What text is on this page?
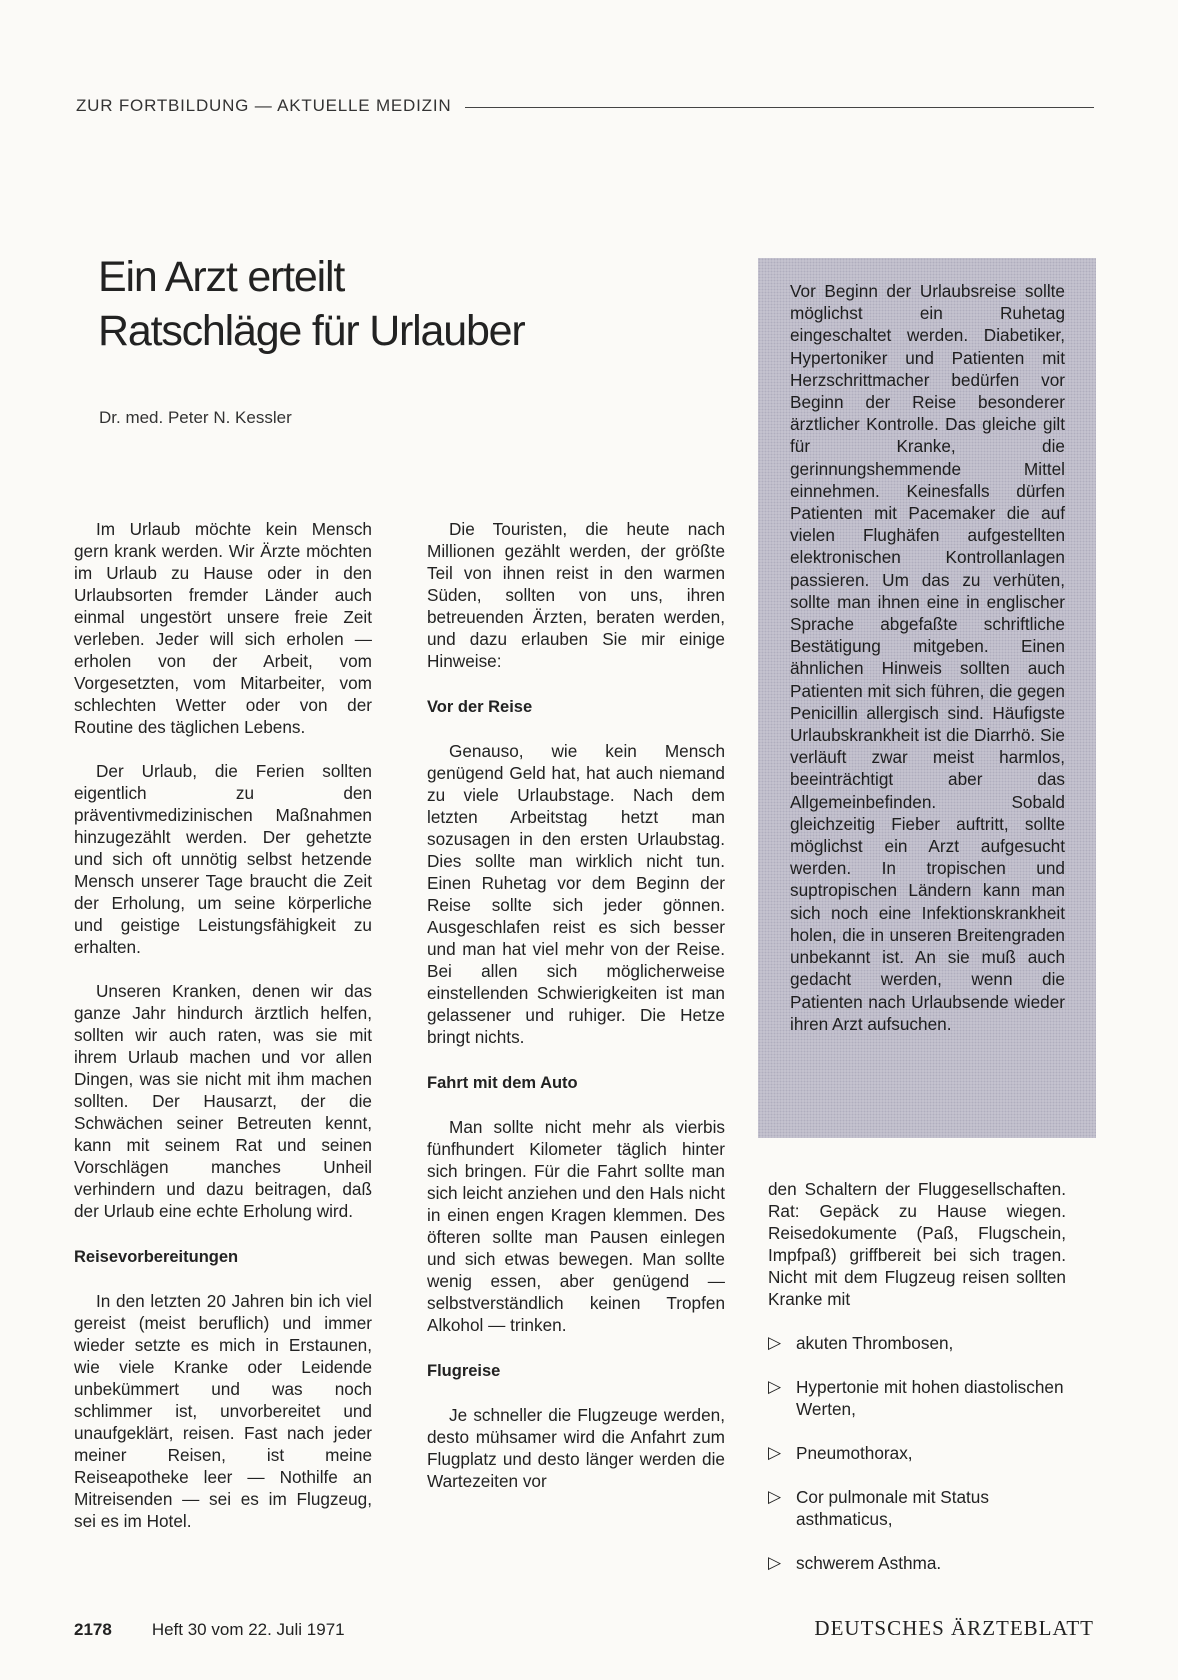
ZUR FORTBILDUNG — AKTUELLE MEDIZIN
Ein Arzt erteilt
Ratschläge für Urlauber
Dr. med. Peter N. Kessler

Im Urlaub möchte kein Mensch gern krank werden. Wir Ärzte möchten im Urlaub zu Hause oder in den Urlaubsorten fremder Länder auch einmal ungestört unsere freie Zeit verleben. Jeder will sich erholen — erholen von der Arbeit, vom Vorgesetzten, vom Mitarbeiter, vom schlechten Wetter oder von der Routine des täglichen Lebens.

Der Urlaub, die Ferien sollten eigentlich zu den präventivmedizinischen Maßnahmen hinzugezählt werden. Der gehetzte und sich oft unnötig selbst hetzende Mensch unserer Tage braucht die Zeit der Erholung, um seine körperliche und geistige Leistungsfähigkeit zu erhalten.

Unseren Kranken, denen wir das ganze Jahr hindurch ärztlich helfen, sollten wir auch raten, was sie mit ihrem Urlaub machen und vor allen Dingen, was sie nicht mit ihm machen sollten. Der Hausarzt, der die Schwächen seiner Betreuten kennt, kann mit seinem Rat und seinen Vorschlägen manches Unheil verhindern und dazu beitragen, daß der Urlaub eine echte Erholung wird.

Reisevorbereitungen

In den letzten 20 Jahren bin ich viel gereist (meist beruflich) und immer wieder setzte es mich in Erstaunen, wie viele Kranke oder Leidende unbekümmert und was noch schlimmer ist, unvorbereitet und unaufgeklärt, reisen. Fast nach jeder meiner Reisen, ist meine Reiseapotheke leer — Nothilfe an Mitreisenden — sei es im Flugzeug, sei es im Hotel.

Die Touristen, die heute nach Millionen gezählt werden, der größte Teil von ihnen reist in den warmen Süden, sollten von uns, ihren betreuenden Ärzten, beraten werden, und dazu erlauben Sie mir einige Hinweise:

Vor der Reise

Genauso, wie kein Mensch genügend Geld hat, hat auch niemand zu viele Urlaubstage. Nach dem letzten Arbeitstag hetzt man sozusagen in den ersten Urlaubstag. Dies sollte man wirklich nicht tun. Einen Ruhetag vor dem Beginn der Reise sollte sich jeder gönnen. Ausgeschlafen reist es sich besser und man hat viel mehr von der Reise. Bei allen sich möglicherweise einstellenden Schwierigkeiten ist man gelassener und ruhiger. Die Hetze bringt nichts.

Fahrt mit dem Auto

Man sollte nicht mehr als vierbis fünfhundert Kilometer täglich hinter sich bringen. Für die Fahrt sollte man sich leicht anziehen und den Hals nicht in einen engen Kragen klemmen. Des öfteren sollte man Pausen einlegen und sich etwas bewegen. Man sollte wenig essen, aber genügend — selbstverständlich keinen Tropfen Alkohol — trinken.

Flugreise

Je schneller die Flugzeuge werden, desto mühsamer wird die Anfahrt zum Flugplatz und desto länger werden die Wartezeiten vor

Vor Beginn der Urlaubsreise sollte möglichst ein Ruhetag eingeschaltet werden. Diabetiker, Hypertoniker und Patienten mit Herzschrittmacher bedürfen vor Beginn der Reise besonderer ärztlicher Kontrolle. Das gleiche gilt für Kranke, die gerinnungshemmende Mittel einnehmen. Keinesfalls dürfen Patienten mit Pacemaker die auf vielen Flughäfen aufgestellten elektronischen Kontrollanlagen passieren. Um das zu verhüten, sollte man ihnen eine in englischer Sprache abgefaßte schriftliche Bestätigung mitgeben. Einen ähnlichen Hinweis sollten auch Patienten mit sich führen, die gegen Penicillin allergisch sind. Häufigste Urlaubskrankheit ist die Diarrhö. Sie verläuft zwar meist harmlos, beeinträchtigt aber das Allgemeinbefinden. Sobald gleichzeitig Fieber auftritt, sollte möglichst ein Arzt aufgesucht werden. In tropischen und suptropischen Ländern kann man sich noch eine Infektionskrankheit holen, die in unseren Breitengraden unbekannt ist. An sie muß auch gedacht werden, wenn die Patienten nach Urlaubsende wieder ihren Arzt aufsuchen.

den Schaltern der Fluggesellschaften. Rat: Gepäck zu Hause wiegen. Reisedokumente (Paß, Flugschein, Impfpaß) griffbereit bei sich tragen. Nicht mit dem Flugzeug reisen sollten Kranke mit

▷ akuten Thrombosen,
▷ Hypertonie mit hohen diastolischen Werten,
▷ Pneumothorax,
▷ Cor pulmonale mit Status asthmaticus,
▷ schwerem Asthma.
2178 Heft 30 vom 22. Juli 1971	DEUTSCHES ÄRZTEBLATT
